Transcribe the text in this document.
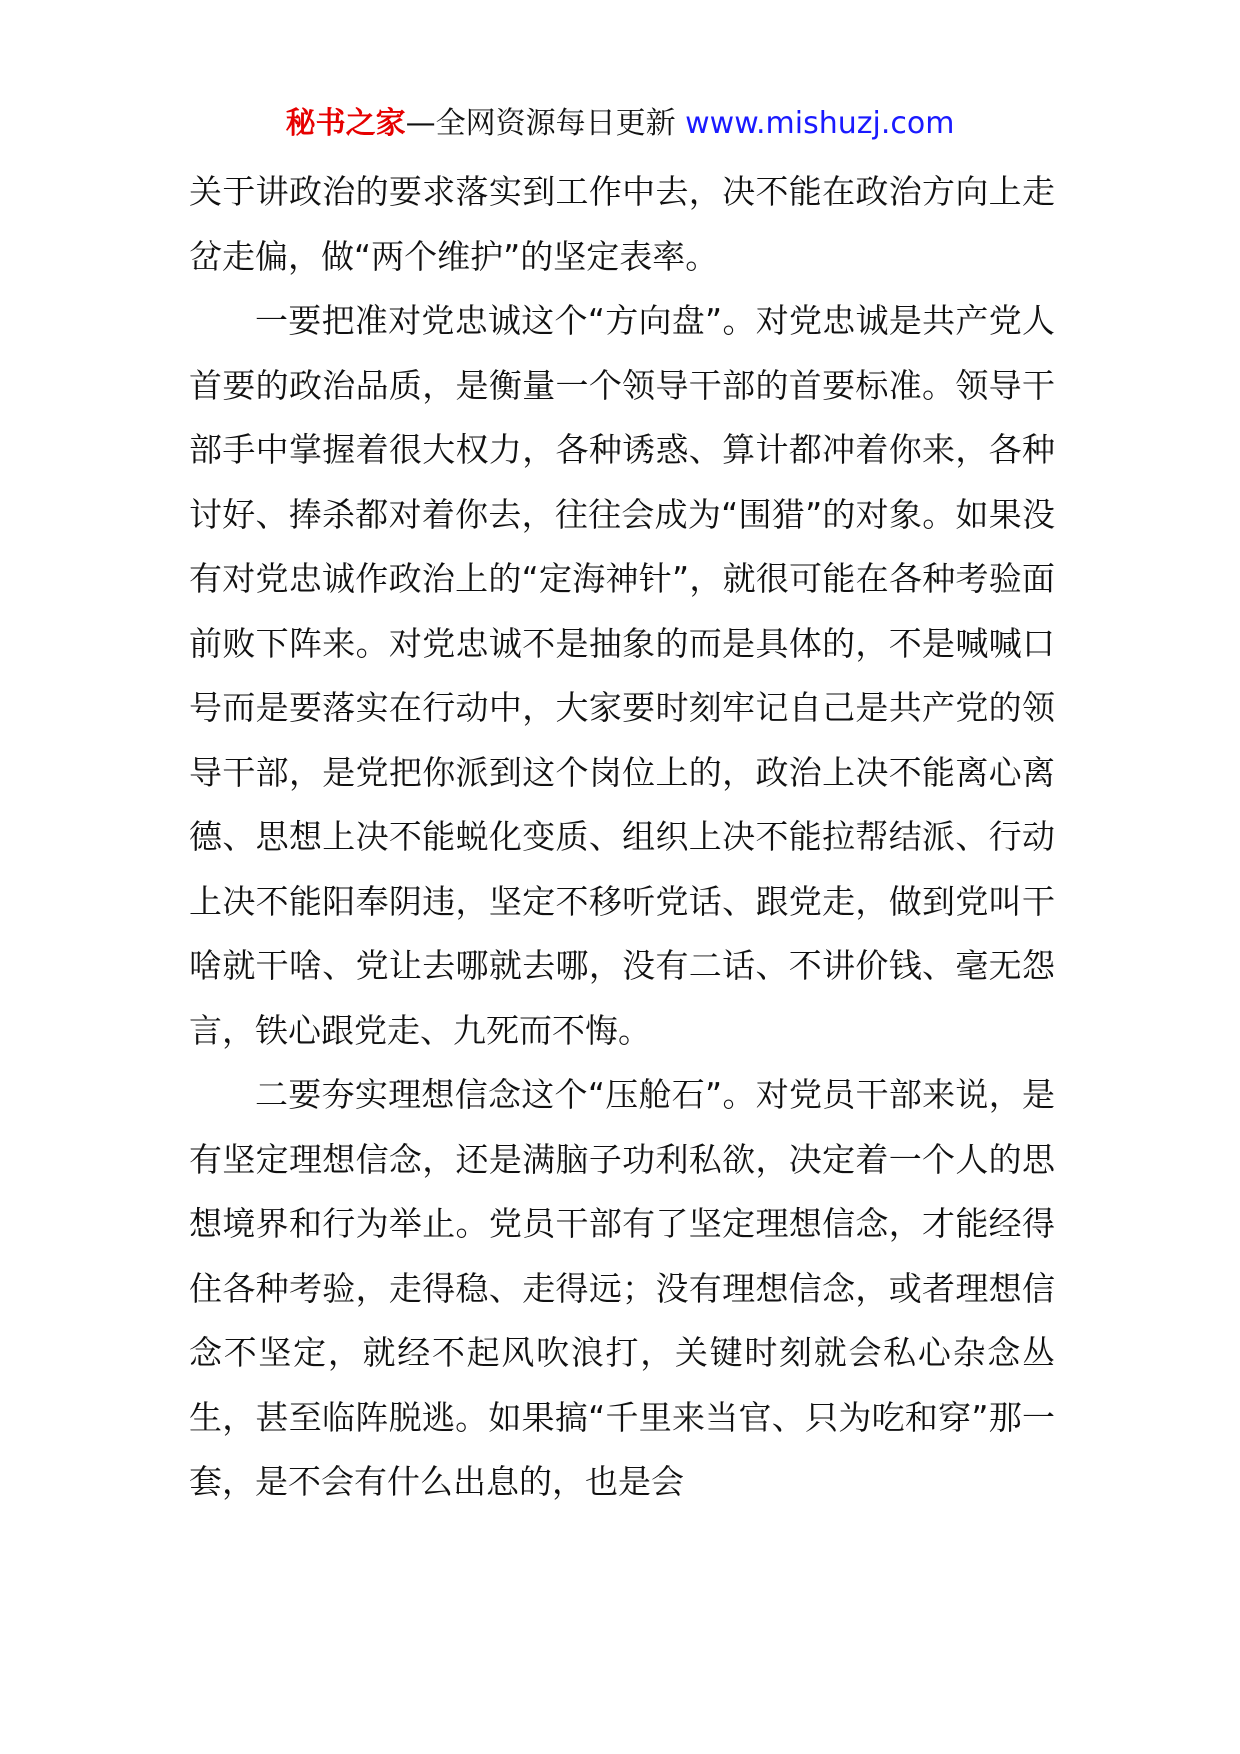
秘书之家—全网资源每日更新 www.mishuzj.com

关于讲政治的要求落实到工作中去，决不能在政治方向上走岔走偏，做“两个维护”的坚定表率。

一要把准对党忠诚这个“方向盘”。对党忠诚是共产党人首要的政治品质，是衡量一个领导干部的首要标准。领导干部手中掌握着很大权力，各种诱惑、算计都冲着你来，各种讨好、捧杀都对着你去，往往会成为“围猎”的对象。如果没有对党忠诚作政治上的“定海神针”，就很可能在各种考验面前败下阵来。对党忠诚不是抽象的而是具体的，不是喊喊口号而是要落实在行动中，大家要时刻牢记自己是共产党的领导干部，是党把你派到这个岗位上的，政治上决不能离心离德、思想上决不能蜕化变质、组织上决不能拉帮结派、行动上决不能阳奉阴违，坚定不移听党话、跟党走，做到党叫干啥就干啥、党让去哪就去哪，没有二话、不讲价钱、毫无怨言，铁心跟党走、九死而不悔。

二要夯实理想信念这个“压舱石”。对党员干部来说，是有坚定理想信念，还是满脑子功利私欲，决定着一个人的思想境界和行为举止。党员干部有了坚定理想信念，才能经得住各种考验，走得稳、走得远；没有理想信念，或者理想信念不坚定，就经不起风吹浪打，关键时刻就会私心杂念丛生，甚至临阵脱逃。如果搞“千里来当官、只为吃和穿”那一套，是不会有什么出息的，也是会
